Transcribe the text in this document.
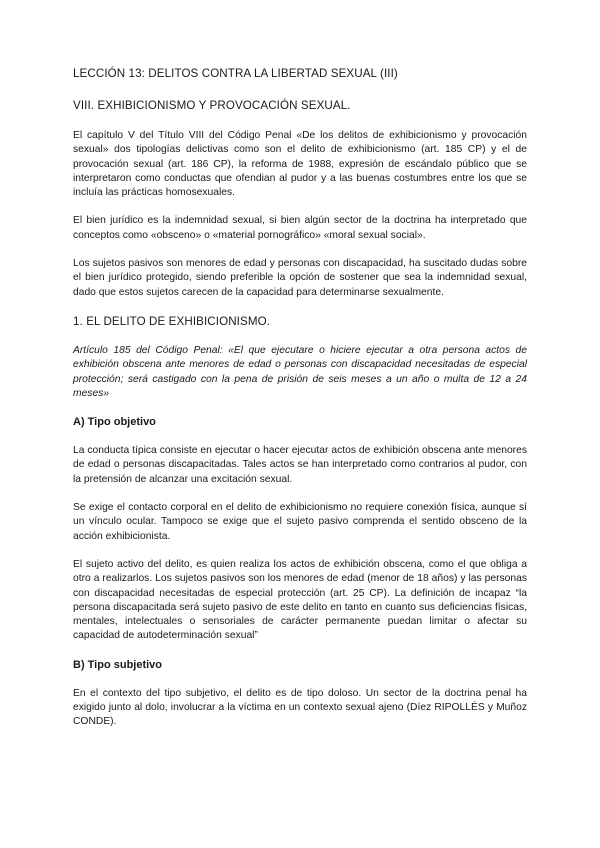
LECCIÓN 13: DELITOS CONTRA LA LIBERTAD SEXUAL (III)
VIII. EXHIBICIONISMO Y PROVOCACIÓN SEXUAL.

El capítulo V del Título VIII del Código Penal «De los delitos de exhibicionismo y provocación sexual» dos tipologías delictivas como son el delito de exhibicionismo (art. 185 CP) y el de provocación sexual (art. 186 CP), la reforma de 1988, expresión de escándalo público que se interpretaron como conductas que ofendian al pudor y a las buenas costumbres entre los que se incluía las prácticas homosexuales.

El bien jurídico es la indemnidad sexual, si bien algún sector de la doctrina ha interpretado que conceptos como «obsceno» o «material pornográfico» «moral sexual social».

Los sujetos pasivos son menores de edad y personas con discapacidad, ha suscitado dudas sobre el bien jurídico protegido, siendo preferible la opción de sostener que sea la indemnidad sexual, dado que estos sujetos carecen de la capacidad para determinarse sexualmente.

1. EL DELITO DE EXHIBICIONISMO.

Artículo 185 del Código Penal: «El que ejecutare o hiciere ejecutar a otra persona actos de exhibición obscena ante menores de edad o personas con discapacidad necesitadas de especial protección; será castigado con la pena de prisión de seis meses a un año o multa de 12 a 24 meses»

A) Tipo objetivo

La conducta típica consiste en ejecutar o hacer ejecutar actos de exhibición obscena ante menores de edad o personas discapacitadas. Tales actos se han interpretado como contrarios al pudor, con la pretensión de alcanzar una excitación sexual.

Se exige el contacto corporal en el delito de exhibicionismo no requiere conexión física, aunque sí un vínculo ocular. Tampoco se exige que el sujeto pasivo comprenda el sentido obsceno de la acción exhibicionista.

El sujeto activo del delito, es quien realiza los actos de exhibición obscena, como el que obliga a otro a realizarlos. Los sujetos pasivos son los menores de edad (menor de 18 años) y las personas con discapacidad necesitadas de especial protección (art. 25 CP). La definición de incapaz “la persona discapacitada será sujeto pasivo de este delito en tanto en cuanto sus deficiencias físicas, mentales, intelectuales o sensoriales de carácter permanente puedan limitar o afectar su capacidad de autodeterminación sexual”

B) Tipo subjetivo

En el contexto del tipo subjetivo, el delito es de tipo doloso. Un sector de la doctrina penal ha exigido junto al dolo, involucrar a la víctima en un contexto sexual ajeno (Díez RIPOLLÉS y Muñoz CONDE).
